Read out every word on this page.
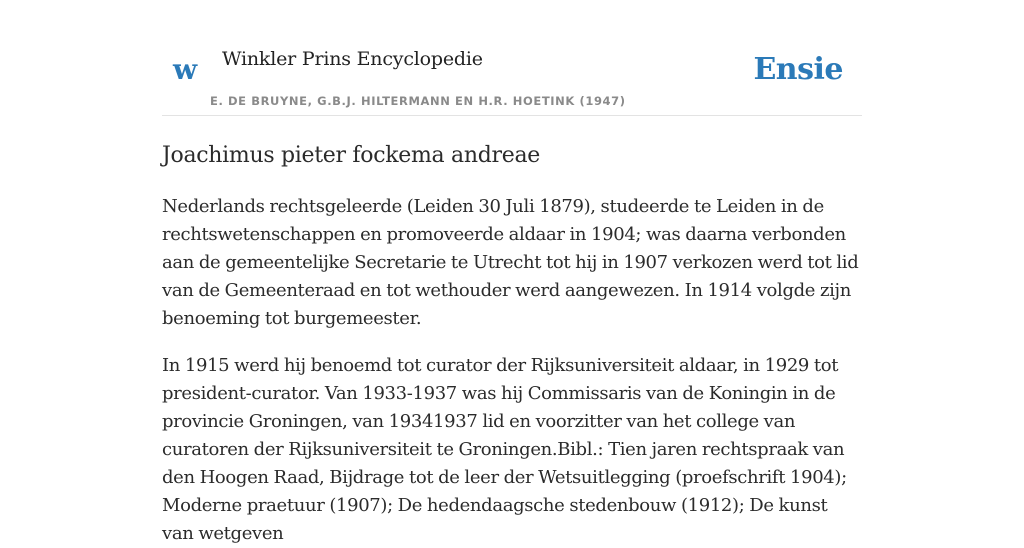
w Winkler Prins Encyclopedie	Ensie
E. DE BRUYNE, G.B.J. HILTERMANN EN H.R. HOETINK (1947)
Joachimus pieter fockema andreae

Nederlands rechtsgeleerde (Leiden 30 Juli 1879), studeerde te Leiden in de rechtswetenschappen en promoveerde aldaar in 1904; was daarna verbonden aan de gemeentelijke Secretarie te Utrecht tot hij in 1907 verkozen werd tot lid van de Gemeenteraad en tot wethouder werd aangewezen. In 1914 volgde zijn benoeming tot burgemeester.

In 1915 werd hij benoemd tot curator der Rijksuniversiteit aldaar, in 1929 tot president-curator. Van 1933-1937 was hij Commissaris van de Koningin in de provincie Groningen, van 19341937 lid en voorzitter van het college van curatoren der Rijksuniversiteit te Groningen.Bibl.: Tien jaren rechtspraak van den Hoogen Raad, Bijdrage tot de leer der Wetsuitlegging (proefschrift 1904); Moderne praetuur (1907); De hedendaagsche stedenbouw (1912); De kunst van wetgeven
